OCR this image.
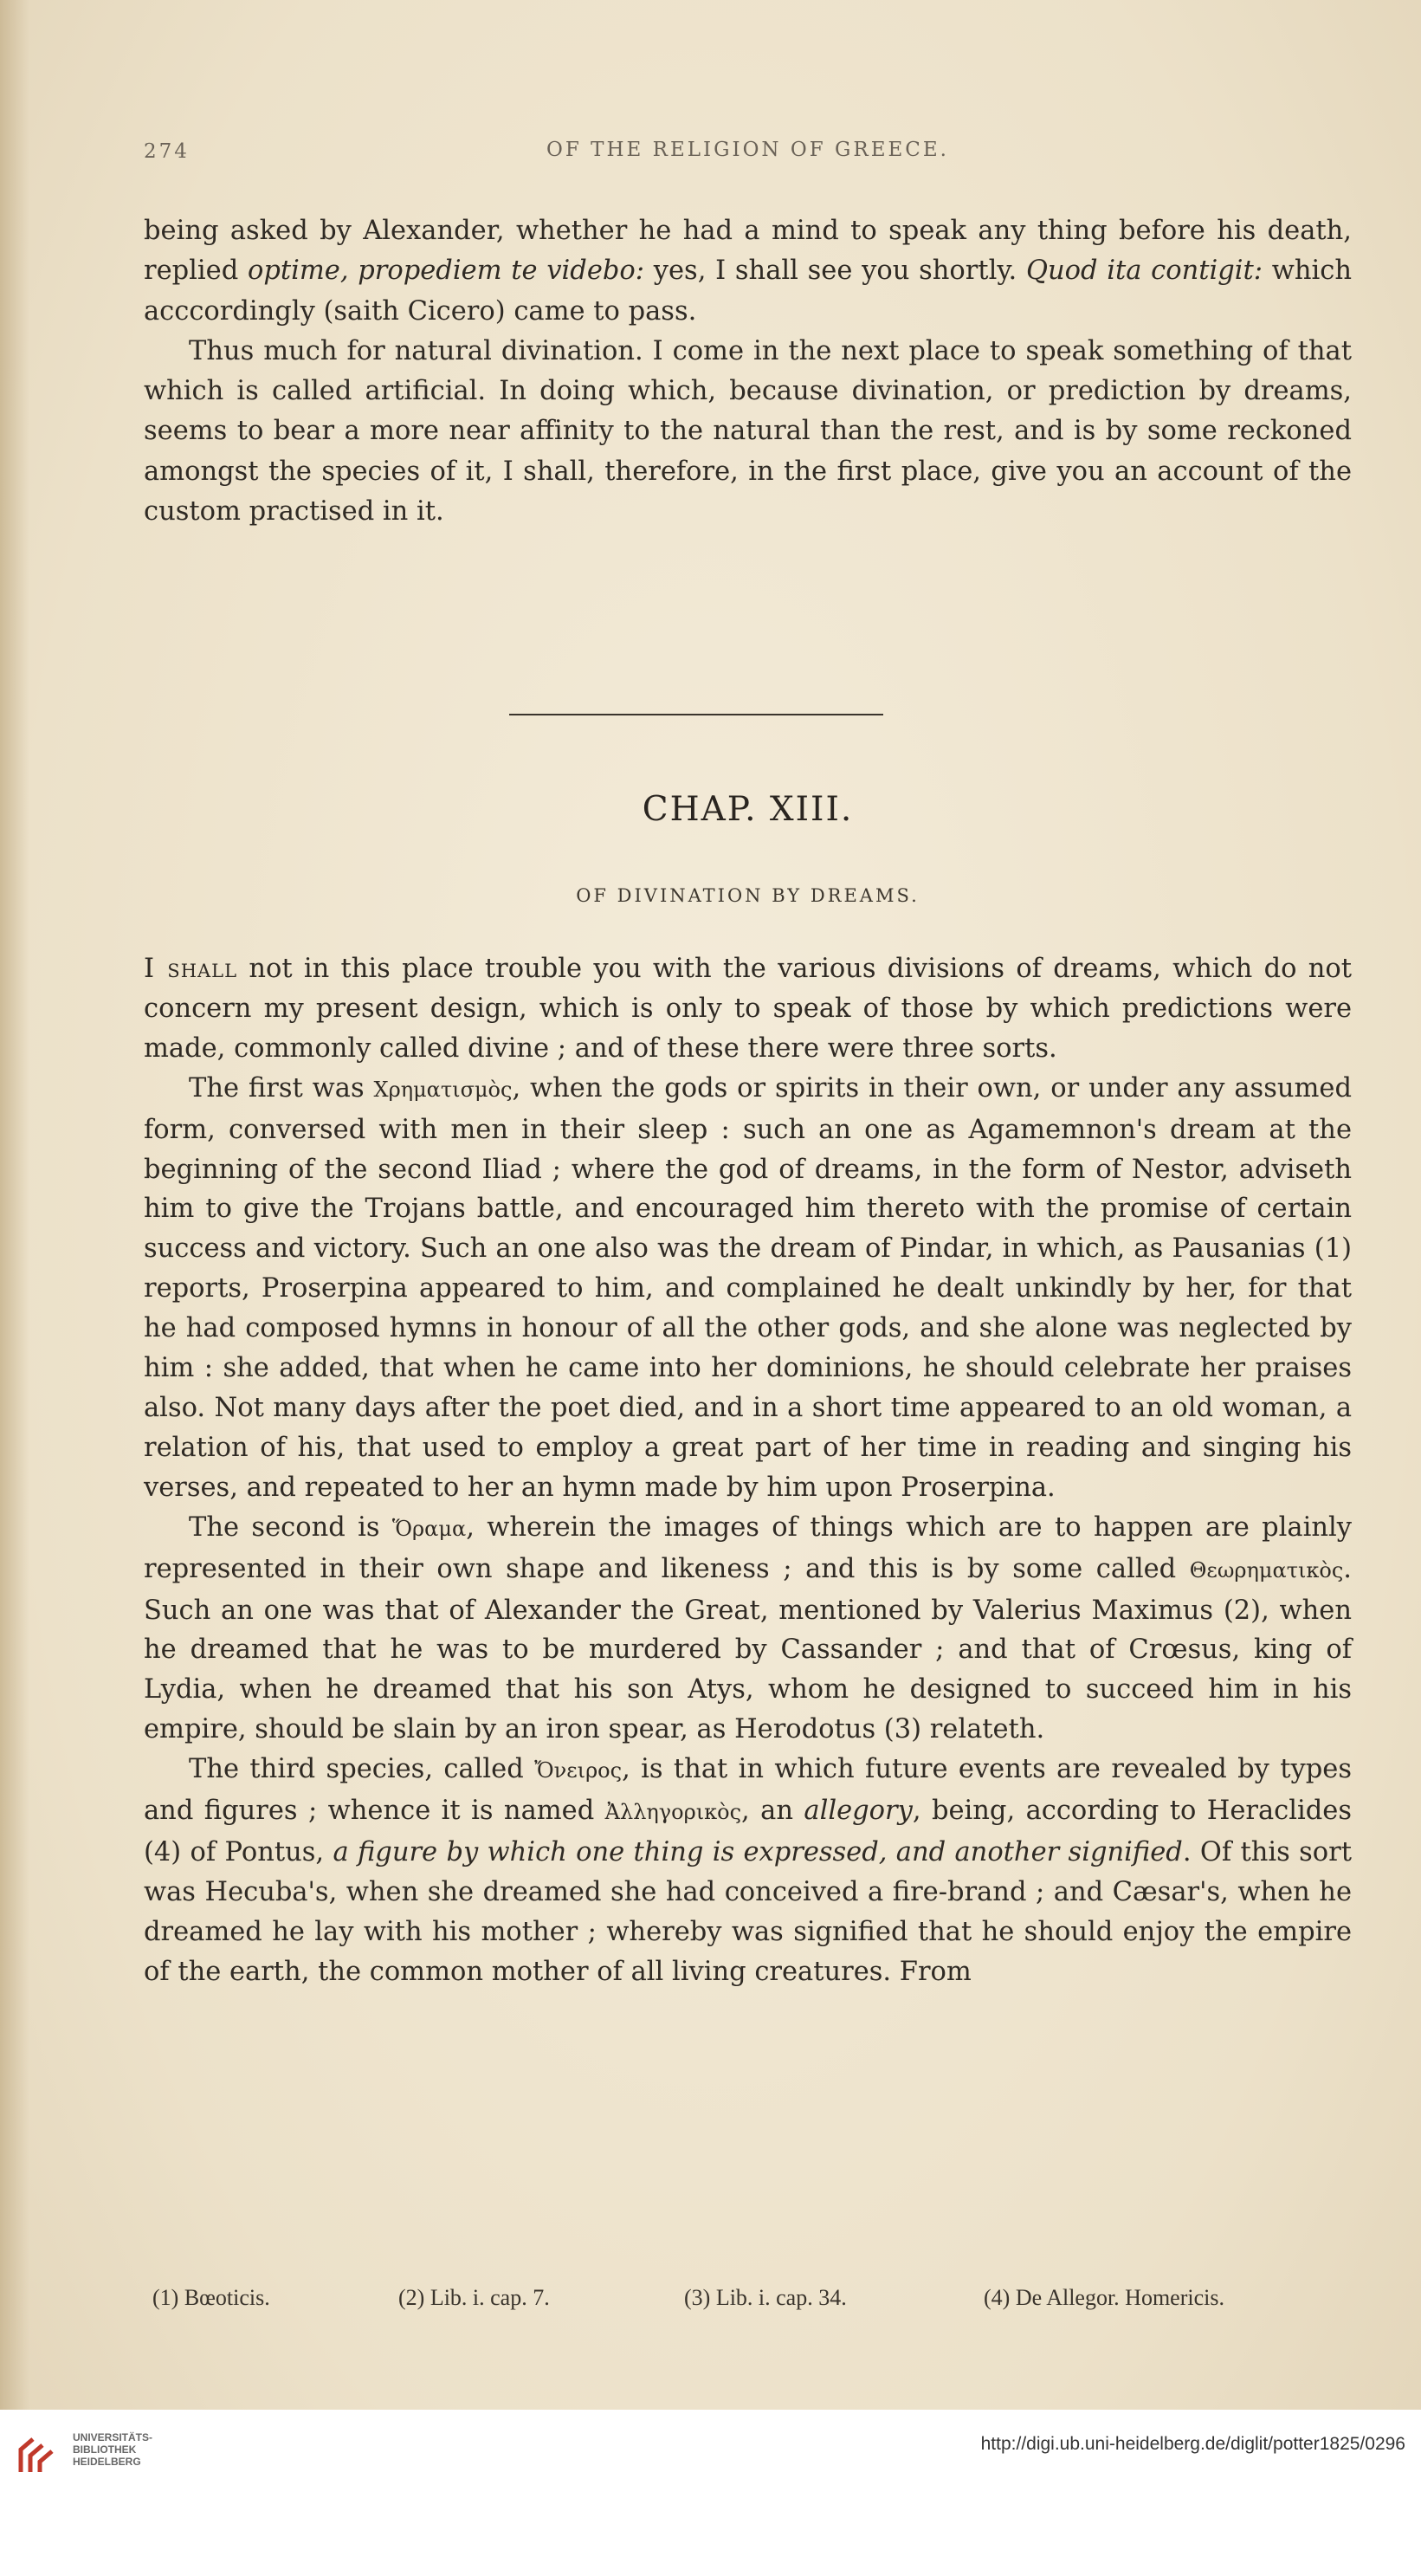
274	OF THE RELIGION OF GREECE.

being asked by Alexander, whether he had a mind to speak any thing before his death, replied optime, propediem te videbo: yes, I shall see you shortly. Quod ita contigit: which acccordingly (saith Cicero) came to pass.

Thus much for natural divination. I come in the next place to speak something of that which is called artificial. In doing which, because divination, or prediction by dreams, seems to bear a more near affinity to the natural than the rest, and is by some reckoned amongst the species of it, I shall, therefore, in the first place, give you an account of the custom practised in it.

CHAP. XIII.
OF DIVINATION BY DREAMS.

I shall not in this place trouble you with the various divisions of dreams, which do not concern my present design, which is only to speak of those by which predictions were made, commonly called divine ; and of these there were three sorts.

The first was Χρηματισμὸς, when the gods or spirits in their own, or under any assumed form, conversed with men in their sleep : such an one as Agamemnon's dream at the beginning of the second Iliad ; where the god of dreams, in the form of Nestor, adviseth him to give the Trojans battle, and encouraged him thereto with the promise of certain success and victory. Such an one also was the dream of Pindar, in which, as Pausanias (1) reports, Proserpina appeared to him, and complained he dealt unkindly by her, for that he had composed hymns in honour of all the other gods, and she alone was neglected by him : she added, that when he came into her dominions, he should celebrate her praises also. Not many days after the poet died, and in a short time appeared to an old woman, a relation of his, that used to employ a great part of her time in reading and singing his verses, and repeated to her an hymn made by him upon Proserpina.

The second is Ὅραμα, wherein the images of things which are to happen are plainly represented in their own shape and likeness ; and this is by some called Θεωρηματικὸς. Such an one was that of Alexander the Great, mentioned by Valerius Maximus (2), when he dreamed that he was to be murdered by Cassander ; and that of Crœsus, king of Lydia, when he dreamed that his son Atys, whom he designed to succeed him in his empire, should be slain by an iron spear, as Herodotus (3) relateth.

The third species, called Ὄνειρος, is that in which future events are revealed by types and figures ; whence it is named Ἀλληγορικὸς, an allegory, being, according to Heraclides (4) of Pontus, a figure by which one thing is expressed, and another signified. Of this sort was Hecuba's, when she dreamed she had conceived a fire-brand ; and Cæsar's, when he dreamed he lay with his mother ; whereby was signified that he should enjoy the empire of the earth, the common mother of all living creatures. From

(1) Bœoticis.	(2) Lib. i. cap. 7.	(3) Lib. i. cap. 34.	(4) De Allegor. Homericis.
UNIVERSITÄTS-
BIBLIOTHEK
HEIDELBERG
http://digi.ub.uni-heidelberg.de/diglit/potter1825/0296
